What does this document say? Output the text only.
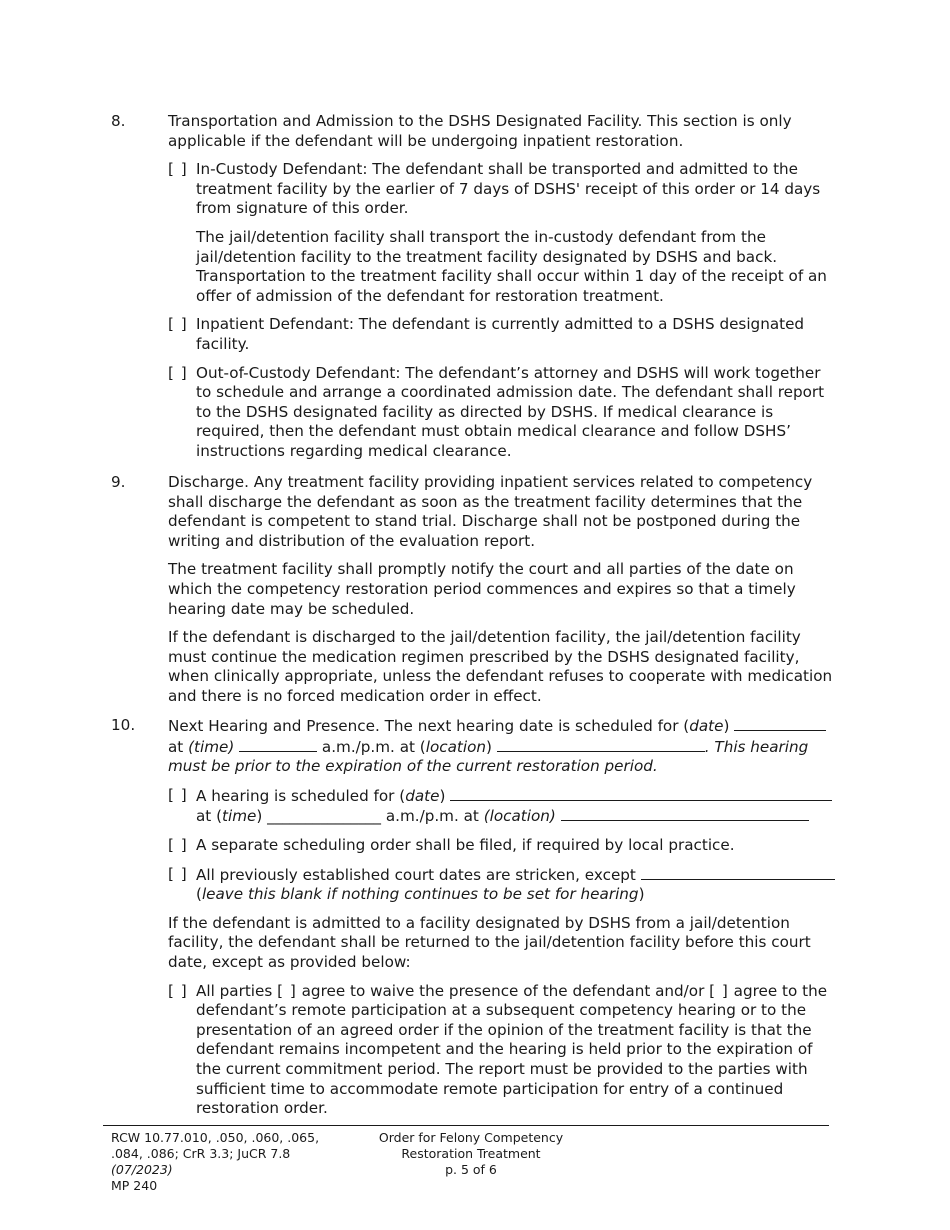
8.	Transportation and Admission to the DSHS Designated Facility. This section is only applicable if the defendant will be undergoing inpatient restoration.

[ ] In-Custody Defendant: The defendant shall be transported and admitted to the treatment facility by the earlier of 7 days of DSHS' receipt of this order or 14 days from signature of this order.

The jail/detention facility shall transport the in-custody defendant from the jail/detention facility to the treatment facility designated by DSHS and back. Transportation to the treatment facility shall occur within 1 day of the receipt of an offer of admission of the defendant for restoration treatment.

[ ] Inpatient Defendant: The defendant is currently admitted to a DSHS designated facility.

[ ] Out-of-Custody Defendant: The defendant’s attorney and DSHS will work together to schedule and arrange a coordinated admission date. The defendant shall report to the DSHS designated facility as directed by DSHS. If medical clearance is required, then the defendant must obtain medical clearance and follow DSHS’ instructions regarding medical clearance.

9.	Discharge. Any treatment facility providing inpatient services related to competency shall discharge the defendant as soon as the treatment facility determines that the defendant is competent to stand trial. Discharge shall not be postponed during the writing and distribution of the evaluation report.

The treatment facility shall promptly notify the court and all parties of the date on which the competency restoration period commences and expires so that a timely hearing date may be scheduled.

If the defendant is discharged to the jail/detention facility, the jail/detention facility must continue the medication regimen prescribed by the DSHS designated facility, when clinically appropriate, unless the defendant refuses to cooperate with medication and there is no forced medication order in effect.

10.	Next Hearing and Presence. The next hearing date is scheduled for (date)
at (time)	a.m./p.m. at (location)	. This hearing must be prior to the expiration of the current restoration period.

[ ] A hearing is scheduled for (date)
at (time) _______________ a.m./p.m. at (location)

[ ] A separate scheduling order shall be filed, if required by local practice.

[ ] All previously established court dates are stricken, except
(leave this blank if nothing continues to be set for hearing)

If the defendant is admitted to a facility designated by DSHS from a jail/detention facility, the defendant shall be returned to the jail/detention facility before this court date, except as provided below:

[ ] All parties [ ] agree to waive the presence of the defendant and/or [ ] agree to the defendant’s remote participation at a subsequent competency hearing or to the presentation of an agreed order if the opinion of the treatment facility is that the defendant remains incompetent and the hearing is held prior to the expiration of the current commitment period. The report must be provided to the parties with sufficient time to accommodate remote participation for entry of a continued restoration order.

RCW 10.77.010, .050, .060, .065,
.084, .086; CrR 3.3; JuCR 7.8
(07/2023)
MP 240
Order for Felony Competency
Restoration Treatment
p. 5 of 6
